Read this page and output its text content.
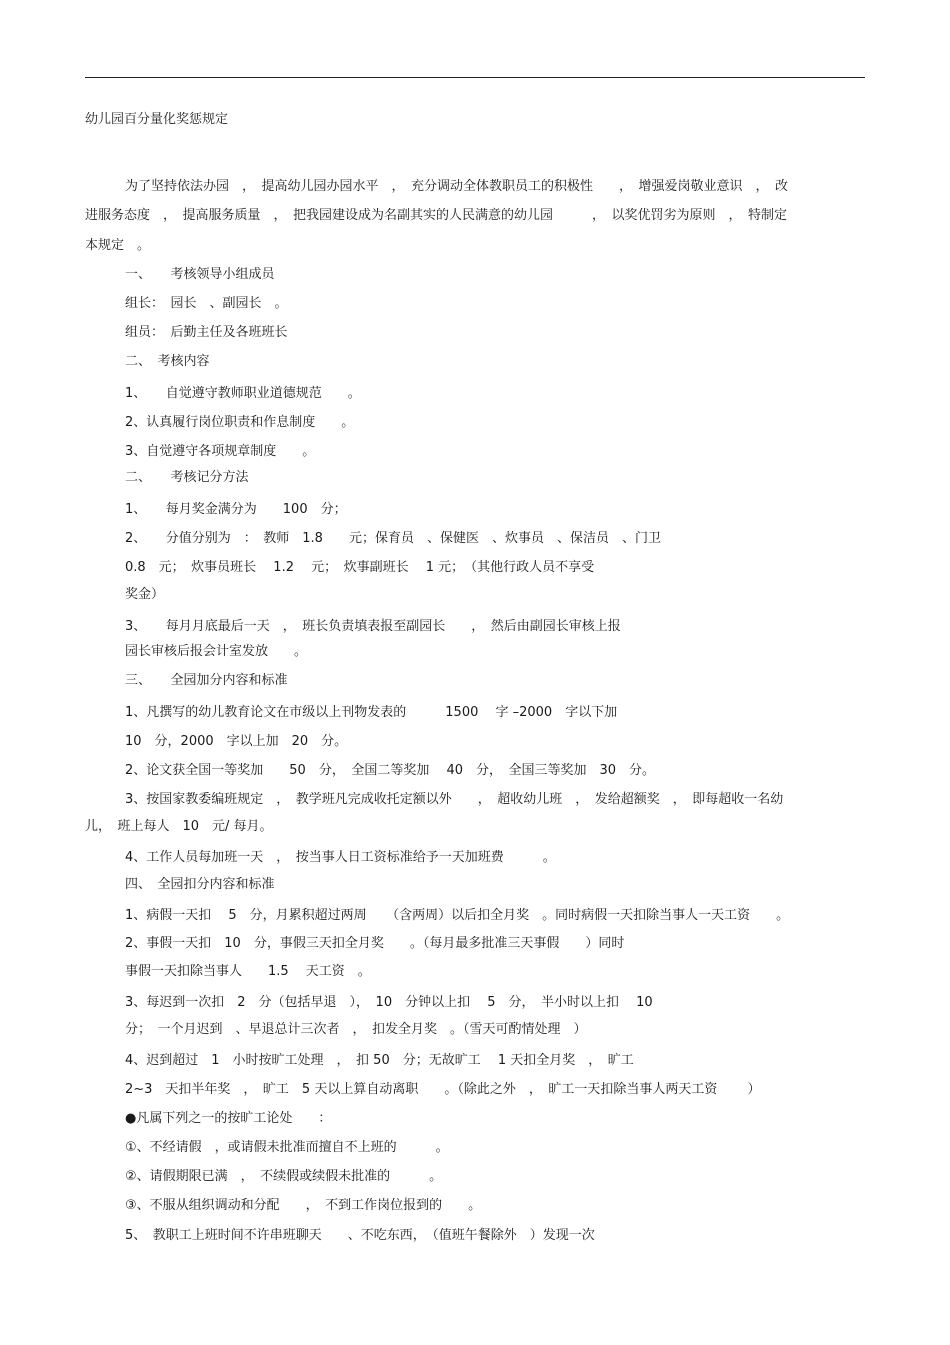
幼儿园百分量化奖惩规定
为了坚持依法办园　，　提高幼儿园办园水平　，　充分调动全体教职员工的积极性　　，　增强爱岗敬业意识　，　改
进服务态度　，　提高服务质量　，　把我园建设成为名副其实的人民满意的幼儿园　　　，　以奖优罚劣为原则　，　特制定
本规定　。
一、　　考核领导小组成员
组长：　园长　、副园长　。
组员：　后勤主任及各班班长
二、　考核内容
1、　　自觉遵守教师职业道德规范　　。
2、认真履行岗位职责和作息制度　　。
3、自觉遵守各项规章制度　　。
二、　　考核记分方法
1、　　每月奖金满分为　　100　分；
2、　　分值分别为　：　教师　1.8　　元；保育员　、保健医　、炊事员　、保洁员　、门卫
0.8　元；　炊事员班长　 1.2　 元；　炊事副班长　 1 元；　（其他行政人员不享受
奖金）
3、　　每月月底最后一天　，　班长负责填表报至副园长　　，　然后由副园长审核上报
园长审核后报会计室发放　　。
三、　　全园加分内容和标准
1、凡撰写的幼儿教育论文在市级以上刊物发表的　　　1500　 字 –2000　字以下加
10　分，2000　字以上加　20　分。
2、论文获全国一等奖加　　50　分，　全国二等奖加　 40　分，　全国三等奖加　30　分。
3、按国家教委编班规定　，　教学班凡完成收托定额以外　　，　超收幼儿班　，　发给超额奖　，　即每超收一名幼
儿，　班上每人　10　元/ 每月。
4、工作人员每加班一天　，　按当事人日工资标准给予一天加班费　　　。
四、　全园扣分内容和标准
1、病假一天扣　 5　分，月累积超过两周　　（含两周）以后扣全月奖　。同时病假一天扣除当事人一天工资　　。
2、事假一天扣　10　分，事假三天扣全月奖　　。（每月最多批准三天事假　　）同时
事假一天扣除当事人　　1.5　 天工资　。
3、每迟到一次扣　2　分（包括早退　），　10　分钟以上扣　 5　分，　半小时以上扣　 10
分；　一个月迟到　、早退总计三次者　，　扣发全月奖　。（雪天可酌情处理　）
4、迟到超过　1　小时按旷工处理　，　扣 50　分；无故旷工　 1 天扣全月奖　，　旷工
2~3　天扣半年奖　，　旷工　5 天以上算自动离职　　。（除此之外　，　旷工一天扣除当事人两天工资　　 ）
●凡属下列之一的按旷工论处　　：
①、不经请假　，或请假未批准而擅自不上班的　　　。
②、请假期限已满　，　不续假或续假未批准的　　　。
③、不服从组织调动和分配　　，　不到工作岗位报到的　　。
5、　教职工上班时间不许串班聊天　　、不吃东西，　（值班午餐除外　）发现一次
